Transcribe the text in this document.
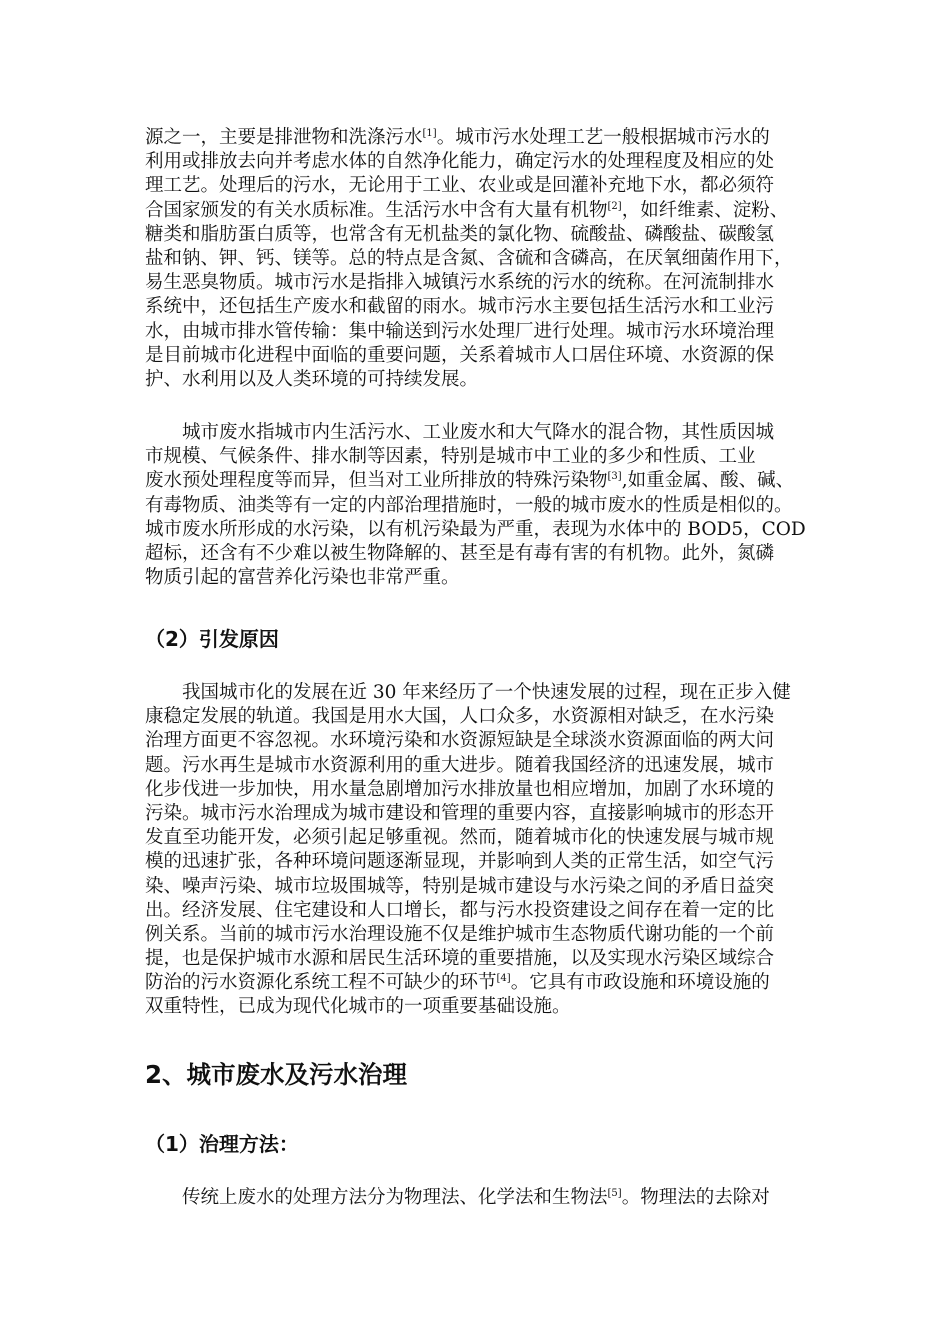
源之一，主要是排泄物和洗涤污水[1]。城市污水处理工艺一般根据城市污水的
利用或排放去向并考虑水体的自然净化能力，确定污水的处理程度及相应的处
理工艺。处理后的污水，无论用于工业、农业或是回灌补充地下水，都必须符
合国家颁发的有关水质标准。生活污水中含有大量有机物[2]，如纤维素、淀粉、
糖类和脂肪蛋白质等，也常含有无机盐类的氯化物、硫酸盐、磷酸盐、碳酸氢
盐和钠、钾、钙、镁等。总的特点是含氮、含硫和含磷高，在厌氧细菌作用下，
易生恶臭物质。城市污水是指排入城镇污水系统的污水的统称。在河流制排水
系统中，还包括生产废水和截留的雨水。城市污水主要包括生活污水和工业污
水，由城市排水管传输：集中输送到污水处理厂进行处理。城市污水环境治理
是目前城市化进程中面临的重要问题，关系着城市人口居住环境、水资源的保
护、水利用以及人类环境的可持续发展。
城市废水指城市内生活污水、工业废水和大气降水的混合物，其性质因城
市规模、气候条件、排水制等因素，特别是城市中工业的多少和性质、工业
废水预处理程度等而异，但当对工业所排放的特殊污染物[3],如重金属、酸、碱、
有毒物质、油类等有一定的内部治理措施时，一般的城市废水的性质是相似的。
城市废水所形成的水污染，以有机污染最为严重，表现为水体中的 BOD5，COD
超标，还含有不少难以被生物降解的、甚至是有毒有害的有机物。此外，氮磷
物质引起的富营养化污染也非常严重。
（2）引发原因
我国城市化的发展在近 30 年来经历了一个快速发展的过程，现在正步入健
康稳定发展的轨道。我国是用水大国，人口众多，水资源相对缺乏，在水污染
治理方面更不容忽视。水环境污染和水资源短缺是全球淡水资源面临的两大问
题。污水再生是城市水资源利用的重大进步。随着我国经济的迅速发展，城市
化步伐进一步加快，用水量急剧增加污水排放量也相应增加，加剧了水环境的
污染。城市污水治理成为城市建设和管理的重要内容，直接影响城市的形态开
发直至功能开发，必须引起足够重视。然而，随着城市化的快速发展与城市规
模的迅速扩张，各种环境问题逐渐显现，并影响到人类的正常生活，如空气污
染、噪声污染、城市垃圾围城等，特别是城市建设与水污染之间的矛盾日益突
出。经济发展、住宅建设和人口增长，都与污水投资建设之间存在着一定的比
例关系。当前的城市污水治理设施不仅是维护城市生态物质代谢功能的一个前
提，也是保护城市水源和居民生活环境的重要措施，以及实现水污染区域综合
防治的污水资源化系统工程不可缺少的环节[4]。它具有市政设施和环境设施的
双重特性，已成为现代化城市的一项重要基础设施。
2、城市废水及污水治理
（1）治理方法：
传统上废水的处理方法分为物理法、化学法和生物法[5]。物理法的去除对
